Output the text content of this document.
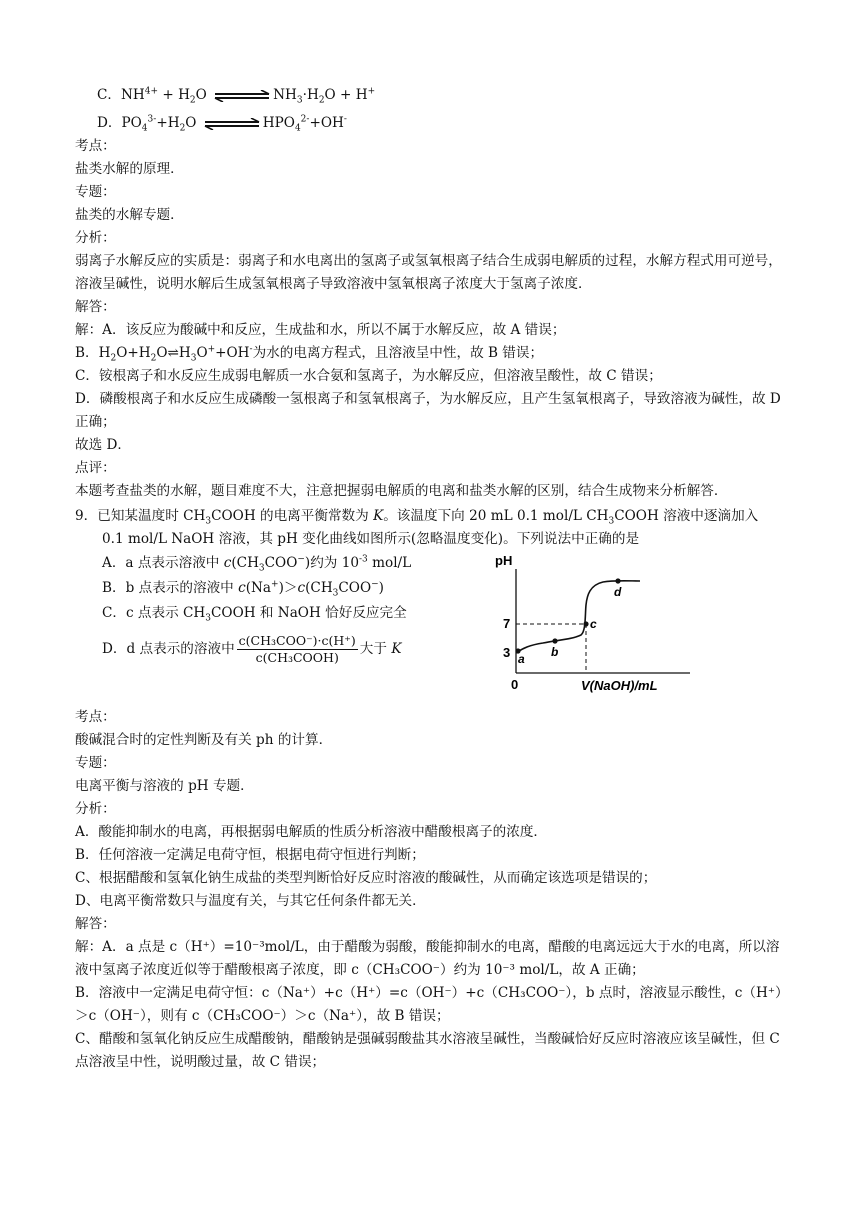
C．$NH^{4+} + H_2O$	$NH_3\cdot H_2O + H^+$
D．$PO_4^{3-}+H_2O$	$HPO_4^{2-}+OH^-$
考点：
盐类水解的原理．
专题：
盐类的水解专题．
分析：
弱离子水解反应的实质是：弱离子和水电离出的氢离子或氢氧根离子结合生成弱电解质的过程，水解方程式用可逆号，溶液呈碱性，说明水解后生成氢氧根离子导致溶液中氢氧根离子浓度大于氢离子浓度．
解答：
解：A．该反应为酸碱中和反应，生成盐和水，所以不属于水解反应，故 A 错误；
B．$H_2O+H_2O\rightleftharpoons H_3O^++OH^-$为水的电离方程式，且溶液呈中性，故 B 错误；
C．铵根离子和水反应生成弱电解质一水合氨和氢离子，为水解反应，但溶液呈酸性，故 C 错误；
D．磷酸根离子和水反应生成磷酸一氢根离子和氢氧根离子，为水解反应，且产生氢氧根离子，导致溶液为碱性，故 D 正确；
故选 D．
点评：
本题考查盐类的水解，题目难度不大，注意把握弱电解质的电离和盐类水解的区别，结合生成物来分析解答．
9．已知某温度时 $CH_3COOH$ 的电离平衡常数为 K。该温度下向 20 mL 0.1 mol/L $CH_3COOH$ 溶液中逐滴加入
0.1 mol/L NaOH 溶液，其 pH 变化曲线如图所示(忽略温度变化)。下列说法中正确的是
A．a 点表示溶液中 $c(CH_3COO^-)$约为 $10^{-3}$ mol/L
B．b 点表示的溶液中 $c(Na^+)>c(CH_3COO^-)$
C．c 点表示 $CH_3COOH$ 和 NaOH 恰好反应完全
D．d 点表示的溶液中 $\frac{\text{c(CH₃COO⁻)·c(H⁺)}}{\text{c(CH₃COOH)}}$ 大于 K
pH
V(NaOH)/mL
0
7
3 a b
c
d
考点：
酸碱混合时的定性判断及有关 ph 的计算．
专题：
电离平衡与溶液的 pH 专题．
分析：
A．酸能抑制水的电离，再根据弱电解质的性质分析溶液中醋酸根离子的浓度．
B．任何溶液一定满足电荷守恒，根据电荷守恒进行判断；
C、根据醋酸和氢氧化钠生成盐的类型判断恰好反应时溶液的酸碱性，从而确定该选项是错误的；
D、电离平衡常数只与温度有关，与其它任何条件都无关．
解答：
解：A．a 点是 c（H⁺）=10⁻³mol/L，由于醋酸为弱酸，酸能抑制水的电离，醋酸的电离远远大于水的电离，所以溶液中氢离子浓度近似等于醋酸根离子浓度，即 c（CH₃COO⁻）约为 10⁻³ mol/L，故 A 正确；
B．溶液中一定满足电荷守恒：c（Na⁺）+c（H⁺）=c（OH⁻）+c（CH₃COO⁻），b 点时，溶液显示酸性，c（H⁺）＞c（OH⁻），则有 c（CH₃COO⁻）＞c（Na⁺），故 B 错误；
C、醋酸和氢氧化钠反应生成醋酸钠，醋酸钠是强碱弱酸盐其水溶液呈碱性，当酸碱恰好反应时溶液应该呈碱性，但 C 点溶液呈中性，说明酸过量，故 C 错误；
